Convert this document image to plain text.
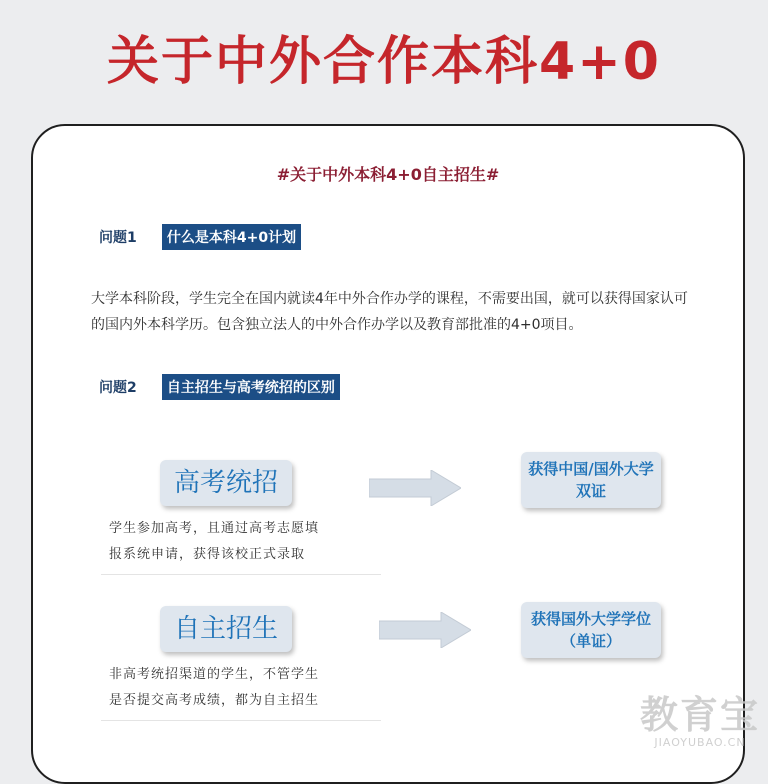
关于中外合作本科4+0
#关于中外本科4+0自主招生#
问题1 什么是本科4+0计划
大学本科阶段，学生完全在国内就读4年中外合作办学的课程，不需要出国，就可以获得国家认可的国内外本科学历。包含独立法人的中外合作办学以及教育部批准的4+0项目。
问题2 自主招生与高考统招的区别
高考统招	获得中国/国外大学双证
学生参加高考，且通过高考志愿填
报系统申请，获得该校正式录取
自主招生	获得国外大学学位（单证）
非高考统招渠道的学生，不管学生
是否提交高考成绩，都为自主招生	教育宝
JIAOYUBAO.CN
